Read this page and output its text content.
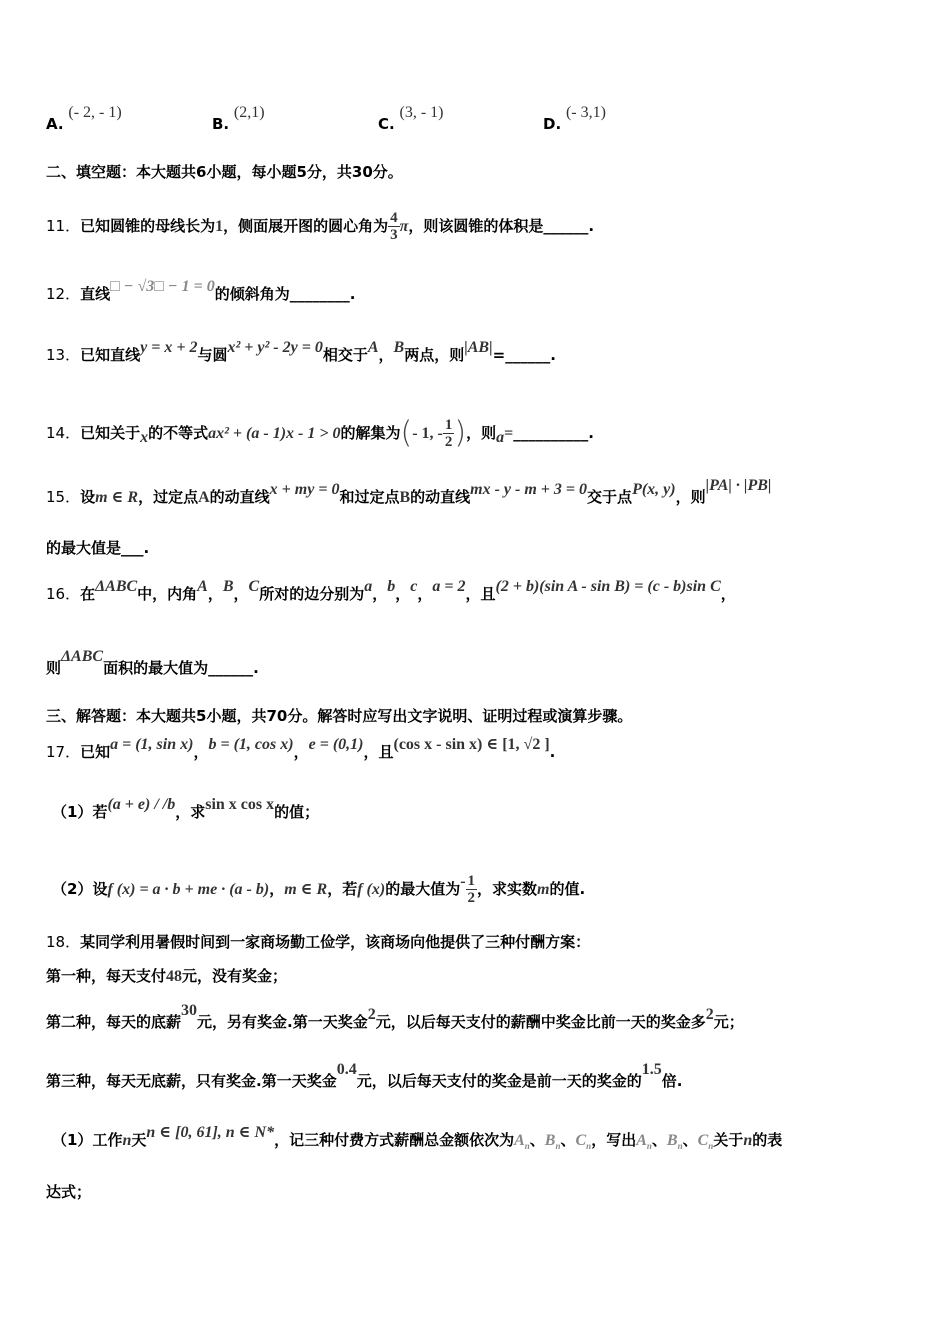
A. (- 2, - 1)
B. (2,1)
C. (3, - 1)
D. (- 3,1)
二、填空题：本大题共6小题，每小题5分，共30分。
11．已知圆锥的母线长为1，侧面展开图的圆心角为 $\frac{4}{3}$ π，则该圆锥的体积是______.
12．直线□ − √3□ − 1 = 0的倾斜角为________.
13．已知直线y = x + 2与圆x² + y² - 2y = 0相交于A，B两点，则|AB|=______.
14．已知关于x的不等式ax² + (a - 1)x - 1 > 0的解集为(- 1, - $\frac{1}{2}$ )，则a=__________.
15．设m ∈ R，过定点A的动直线x + my = 0和过定点B的动直线mx - y - m + 3 = 0交于点P(x, y)，则|PA| · |PB|
的最大值是___.
16．在ΔABC中，内角A，B，C所对的边分别为a，b，c，a = 2，且(2 + b)(sin A - sin B) = (c - b)sin C，
则ΔABC面积的最大值为______.
三、解答题：本大题共5小题，共70分。解答时应写出文字说明、证明过程或演算步骤。
17．已知a = (1, sin x)，b = (1, cos x)，e = (0,1)，且(cos x - sin x) ∈ [1, √2 ].
（1）若(a + e) / /b，求sin x cos x的值；
（2）设f (x) = a · b + me · (a - b)，m ∈ R，若f (x)的最大值为- $\frac{1}{2}$ ，求实数m的值.
18．某同学利用暑假时间到一家商场勤工俭学，该商场向他提供了三种付酬方案：
第一种，每天支付48元，没有奖金；
第二种，每天的底薪30元，另有奖金.第一天奖金2元，以后每天支付的薪酬中奖金比前一天的奖金多2元；
第三种，每天无底薪，只有奖金.第一天奖金0.4元，以后每天支付的奖金是前一天的奖金的1.5倍.
（1）工作n天n ∈ [0, 61], n ∈ N*，记三种付费方式薪酬总金额依次为$A_n$、$B_n$、$C_n$，写出$A_n$、$B_n$、$C_n$关于n的表
达式；
